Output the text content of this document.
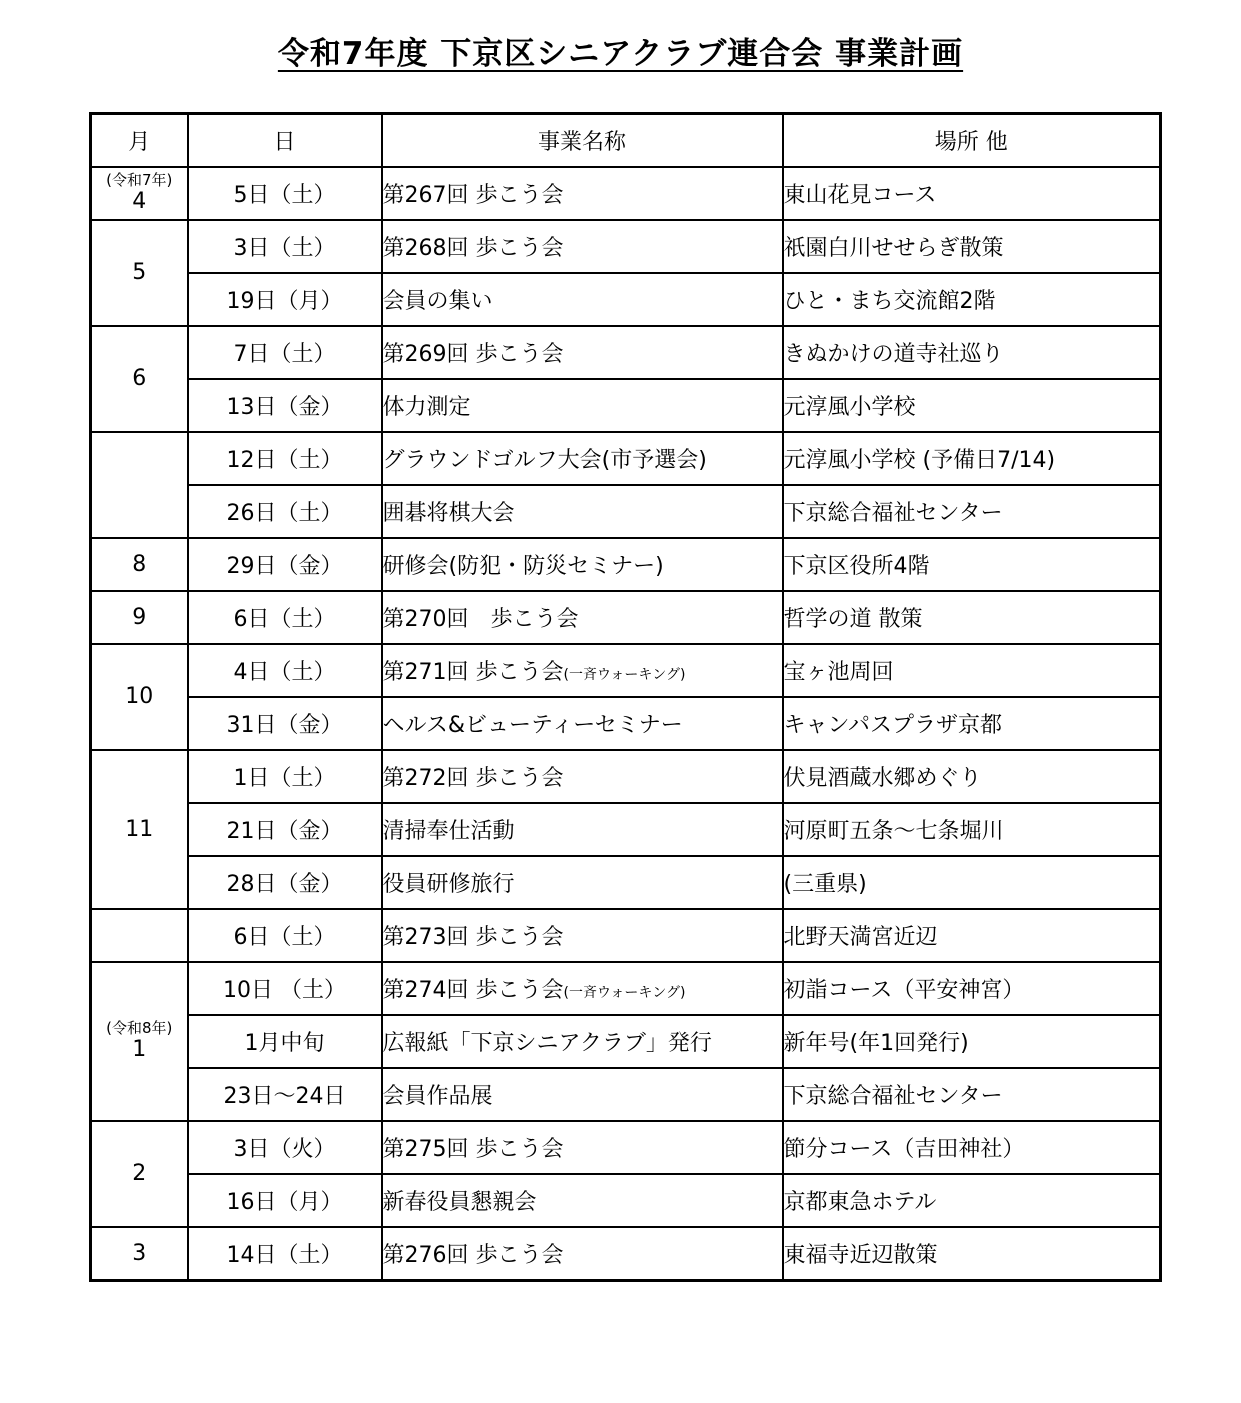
令和7年度 下京区シニアクラブ連合会 事業計画
月	日	事業名称	場所 他

(令和7年)
4	5日（土）	第267回 歩こう会	東山花見コース
5	3日（土）	第268回 歩こう会	祇園白川せせらぎ散策
	19日（月）	会員の集い	ひと・まち交流館2階
6	7日（土）	第269回 歩こう会	きぬかけの道寺社巡り
	13日（金）	体力測定	元淳風小学校
	12日（土）	グラウンドゴルフ大会(市予選会)	元淳風小学校 (予備日7/14)
	26日（土）	囲碁将棋大会	下京総合福祉センター
8	29日（金）	研修会(防犯・防災セミナー)	下京区役所4階
9	6日（土）	第270回　歩こう会	哲学の道 散策
10	4日（土）	第271回 歩こう会(一斉ウォーキング)	宝ヶ池周回
	31日（金）	ヘルス&ビューティーセミナー	キャンパスプラザ京都
11	1日（土）	第272回 歩こう会	伏見酒蔵水郷めぐり
	21日（金）	清掃奉仕活動	河原町五条～七条堀川
	28日（金）	役員研修旅行	(三重県)
	6日（土）	第273回 歩こう会	北野天満宮近辺

(令和8年)
1	10日 （土）	第274回 歩こう会(一斉ウォーキング)	初詣コース（平安神宮）
	1月中旬	広報紙「下京シニアクラブ」発行	新年号(年1回発行)
	23日～24日	会員作品展	下京総合福祉センター
2	3日（火）	第275回 歩こう会	節分コース（吉田神社）
	16日（月）	新春役員懇親会	京都東急ホテル
3	14日（土）	第276回 歩こう会	東福寺近辺散策
